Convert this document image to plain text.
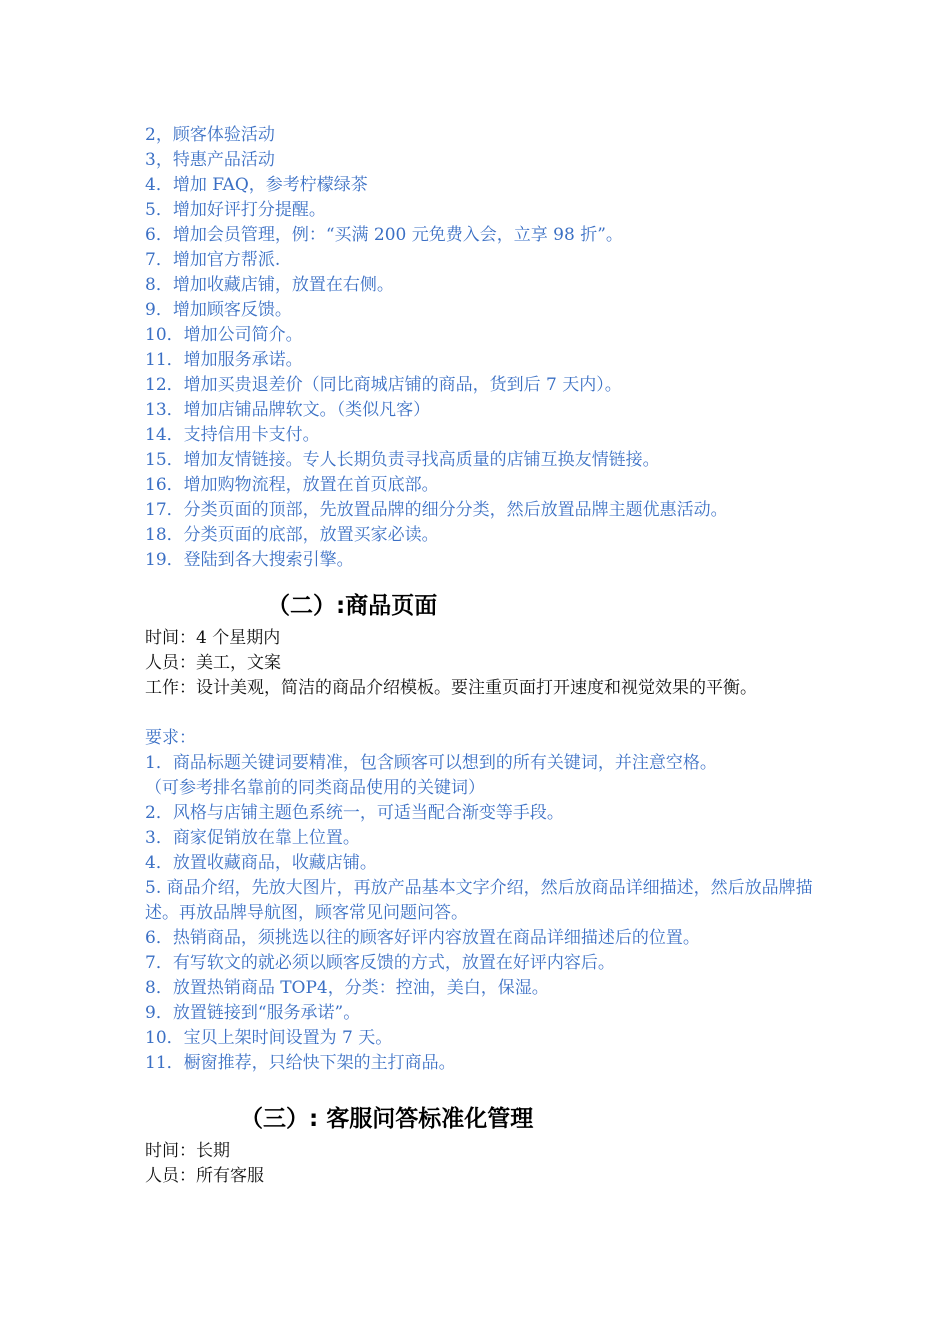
2，顾客体验活动
3，特惠产品活动
4．增加 FAQ，参考柠檬绿茶
5．增加好评打分提醒。
6．增加会员管理，例：“买满 200 元免费入会，立享 98 折”。
7．增加官方帮派.
8．增加收藏店铺，放置在右侧。
9．增加顾客反馈。
10．增加公司简介。
11．增加服务承诺。
12．增加买贵退差价（同比商城店铺的商品，货到后 7 天内）。
13．增加店铺品牌软文。（类似凡客）
14．支持信用卡支付。
15．增加友情链接。专人长期负责寻找高质量的店铺互换友情链接。
16．增加购物流程，放置在首页底部。
17．分类页面的顶部，先放置品牌的细分分类，然后放置品牌主题优惠活动。
18．分类页面的底部，放置买家必读。
19．登陆到各大搜索引擎。
（二）:商品页面
时间：4 个星期内
人员：美工，文案
工作：设计美观，简洁的商品介绍模板。要注重页面打开速度和视觉效果的平衡。
要求：
1．商品标题关键词要精准，包含顾客可以想到的所有关键词，并注意空格。
（可参考排名靠前的同类商品使用的关键词）
2．风格与店铺主题色系统一，可适当配合渐变等手段。
3．商家促销放在靠上位置。
4．放置收藏商品，收藏店铺。
5. 商品介绍，先放大图片，再放产品基本文字介绍，然后放商品详细描述，然后放品牌描述。再放品牌导航图，顾客常见问题问答。
6．热销商品，须挑选以往的顾客好评内容放置在商品详细描述后的位置。
7．有写软文的就必须以顾客反馈的方式，放置在好评内容后。
8．放置热销商品 TOP4，分类：控油，美白，保湿。
9．放置链接到“服务承诺”。
10．宝贝上架时间设置为 7 天。
11．橱窗推荐，只给快下架的主打商品。
（三）: 客服问答标准化管理
时间：长期
人员：所有客服
